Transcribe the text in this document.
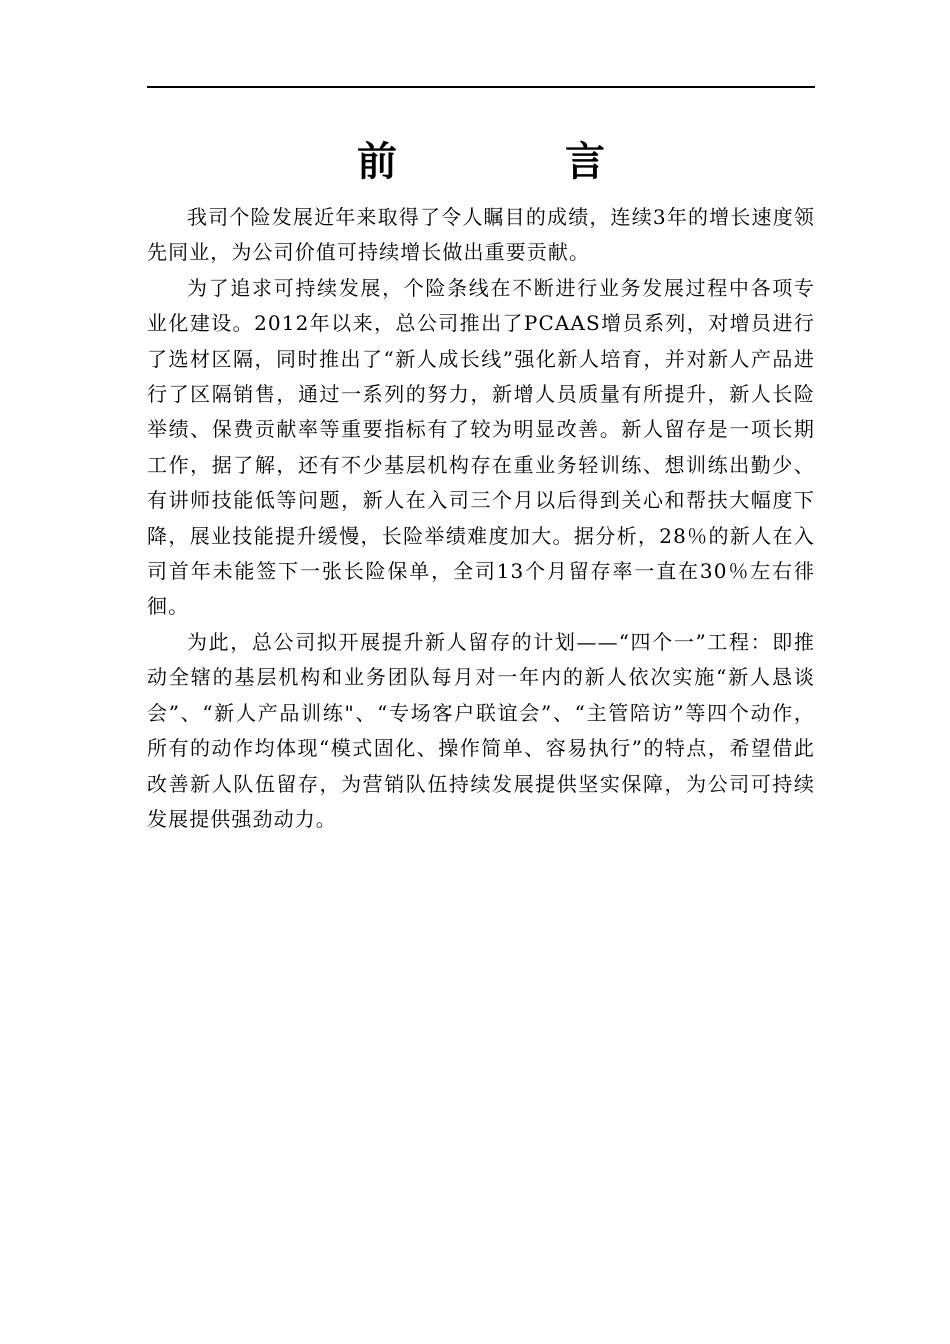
前　言

我司个险发展近年来取得了令人瞩目的成绩，连续3年的增长速度领先同业，为公司价值可持续增长做出重要贡献。

为了追求可持续发展，个险条线在不断进行业务发展过程中各项专业化建设。2012年以来，总公司推出了PCAAS增员系列，对增员进行了选材区隔，同时推出了“新人成长线”强化新人培育，并对新人产品进行了区隔销售，通过一系列的努力，新增人员质量有所提升，新人长险举绩、保费贡献率等重要指标有了较为明显改善。新人留存是一项长期工作，据了解，还有不少基层机构存在重业务轻训练、想训练出勤少、有讲师技能低等问题，新人在入司三个月以后得到关心和帮扶大幅度下降，展业技能提升缓慢，长险举绩难度加大。据分析，28％的新人在入司首年未能签下一张长险保单，全司13个月留存率一直在30％左右徘徊。

为此，总公司拟开展提升新人留存的计划——“四个一”工程：即推动全辖的基层机构和业务团队每月对一年内的新人依次实施“新人恳谈会”、“新人产品训练"、“专场客户联谊会”、“主管陪访”等四个动作，所有的动作均体现“模式固化、操作简单、容易执行”的特点，希望借此改善新人队伍留存，为营销队伍持续发展提供坚实保障，为公司可持续发展提供强劲动力。
